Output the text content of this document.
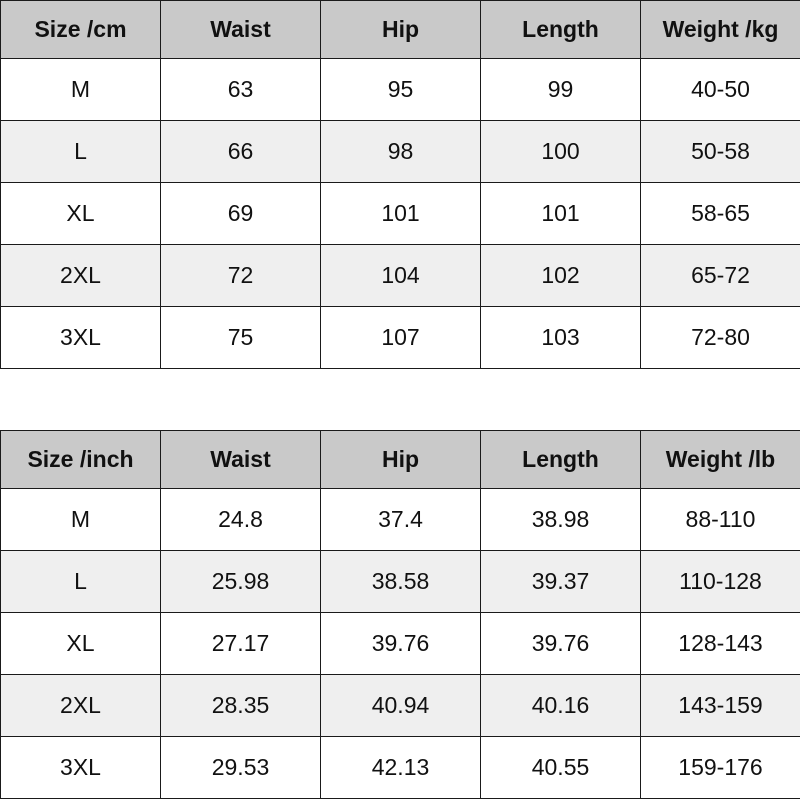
Size /cm	Waist	Hip	Length	Weight /kg
M	63	95	99	40-50
L	66	98	100	50-58
XL	69	101	101	58-65
2XL	72	104	102	65-72
3XL	75	107	103	72-80
Size /inch	Waist	Hip	Length	Weight /lb
M	24.8	37.4	38.98	88-110
L	25.98	38.58	39.37	110-128
XL	27.17	39.76	39.76	128-143
2XL	28.35	40.94	40.16	143-159
3XL	29.53	42.13	40.55	159-176
